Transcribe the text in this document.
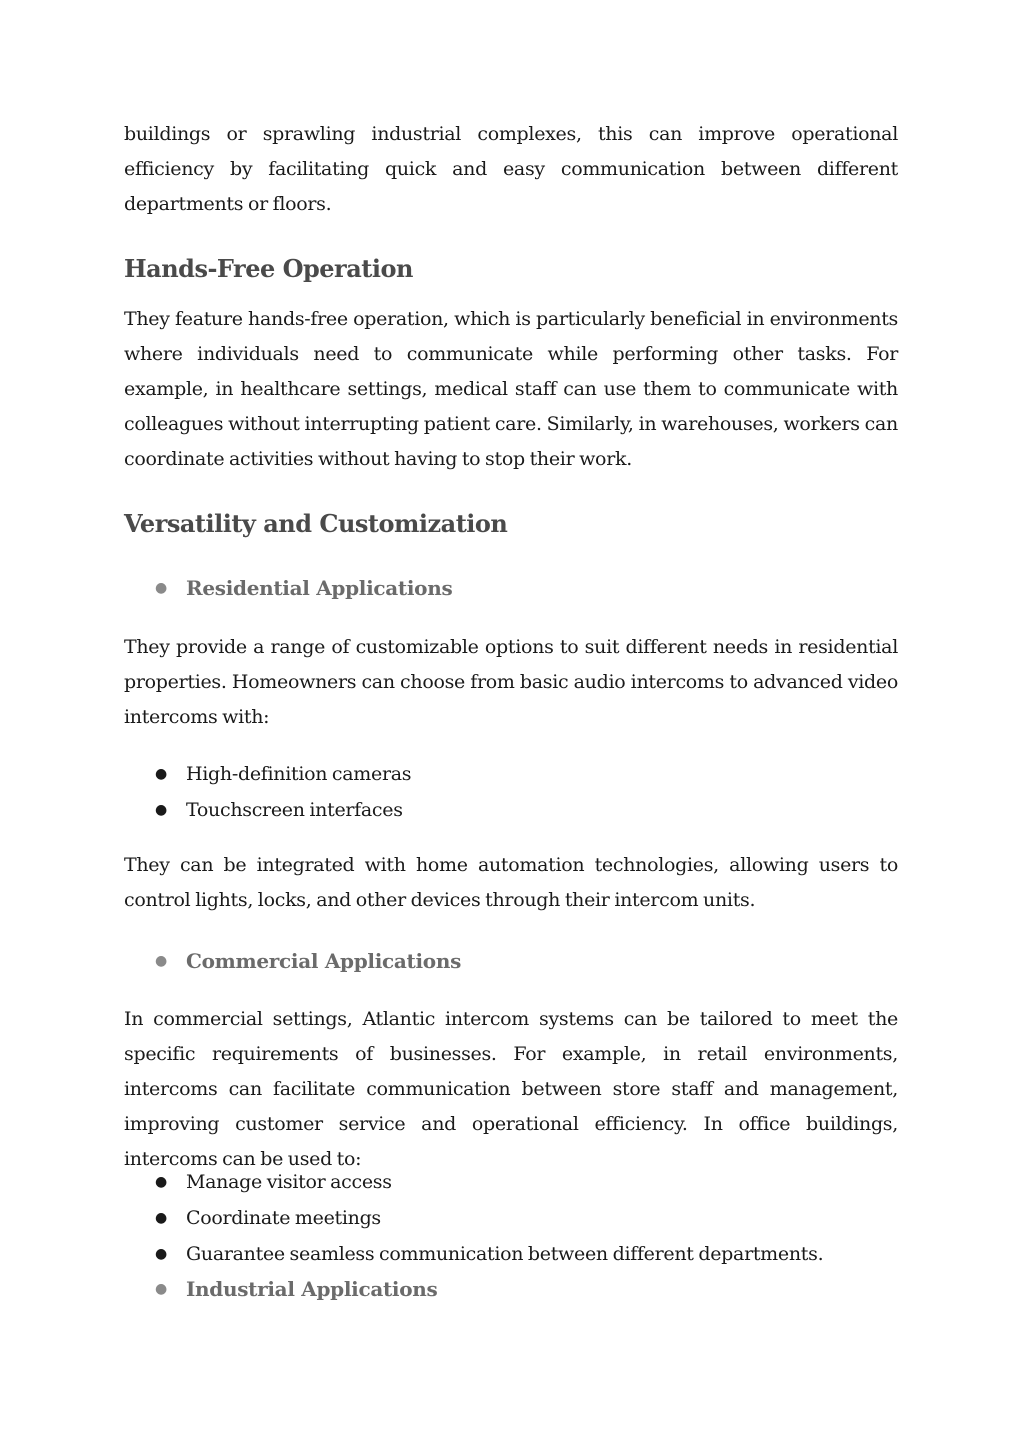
buildings or sprawling industrial complexes, this can improve operational efficiency by facilitating quick and easy communication between different departments or floors.

Hands-Free Operation

They feature hands-free operation, which is particularly beneficial in environments where individuals need to communicate while performing other tasks. For example, in healthcare settings, medical staff can use them to communicate with colleagues without interrupting patient care. Similarly, in warehouses, workers can coordinate activities without having to stop their work.

Versatility and Customization
● Residential Applications

They provide a range of customizable options to suit different needs in residential properties. Homeowners can choose from basic audio intercoms to advanced video intercoms with:

● High-definition cameras
● Touchscreen interfaces

They can be integrated with home automation technologies, allowing users to control lights, locks, and other devices through their intercom units.

● Commercial Applications

In commercial settings, Atlantic intercom systems can be tailored to meet the specific requirements of businesses. For example, in retail environments, intercoms can facilitate communication between store staff and management, improving customer service and operational efficiency. In office buildings, intercoms can be used to:

● Manage visitor access
● Coordinate meetings
● Guarantee seamless communication between different departments.
● Industrial Applications
